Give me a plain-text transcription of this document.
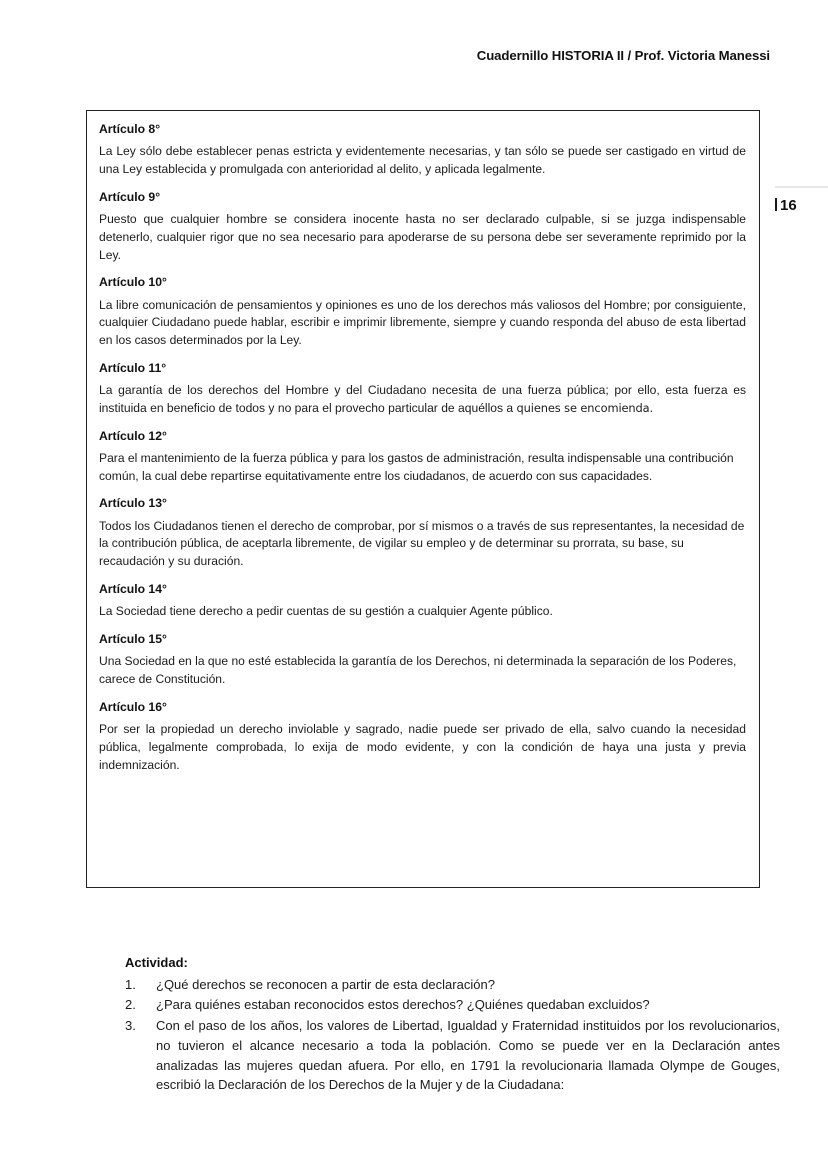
Cuadernillo HISTORIA II / Prof. Victoria Manessi
16
Artículo 8°
La Ley sólo debe establecer penas estricta y evidentemente necesarias, y tan sólo se puede ser castigado en virtud de una Ley establecida y promulgada con anterioridad al delito, y aplicada legalmente.
Artículo 9°
Puesto que cualquier hombre se considera inocente hasta no ser declarado culpable, si se juzga indispensable detenerlo, cualquier rigor que no sea necesario para apoderarse de su persona debe ser severamente reprimido por la Ley.
Artículo 10°
La libre comunicación de pensamientos y opiniones es uno de los derechos más valiosos del Hombre; por consiguiente, cualquier Ciudadano puede hablar, escribir e imprimir libremente, siempre y cuando responda del abuso de esta libertad en los casos determinados por la Ley.
Artículo 11°
La garantía de los derechos del Hombre y del Ciudadano necesita de una fuerza pública; por ello, esta fuerza es instituida en beneficio de todos y no para el provecho particular de aquéllos a quienes se encomienda.
Artículo 12°
Para el mantenimiento de la fuerza pública y para los gastos de administración, resulta indispensable una contribución común, la cual debe repartirse equitativamente entre los ciudadanos, de acuerdo con sus capacidades.
Artículo 13°
Todos los Ciudadanos tienen el derecho de comprobar, por sí mismos o a través de sus representantes, la necesidad de la contribución pública, de aceptarla libremente, de vigilar su empleo y de determinar su prorrata, su base, su recaudación y su duración.
Artículo 14°
La Sociedad tiene derecho a pedir cuentas de su gestión a cualquier Agente público.
Artículo 15°
Una Sociedad en la que no esté establecida la garantía de los Derechos, ni determinada la separación de los Poderes, carece de Constitución.
Artículo 16°
Por ser la propiedad un derecho inviolable y sagrado, nadie puede ser privado de ella, salvo cuando la necesidad pública, legalmente comprobada, lo exija de modo evidente, y con la condición de haya una justa y previa indemnización.
Actividad:
1.	¿Qué derechos se reconocen a partir de esta declaración?
2.	¿Para quiénes estaban reconocidos estos derechos? ¿Quiénes quedaban excluidos?
3.	Con el paso de los años, los valores de Libertad, Igualdad y Fraternidad instituidos por los revolucionarios, no tuvieron el alcance necesario a toda la población. Como se puede ver en la Declaración antes analizadas las mujeres quedan afuera. Por ello, en 1791 la revolucionaria llamada Olympe de Gouges, escribió la Declaración de los Derechos de la Mujer y de la Ciudadana:
